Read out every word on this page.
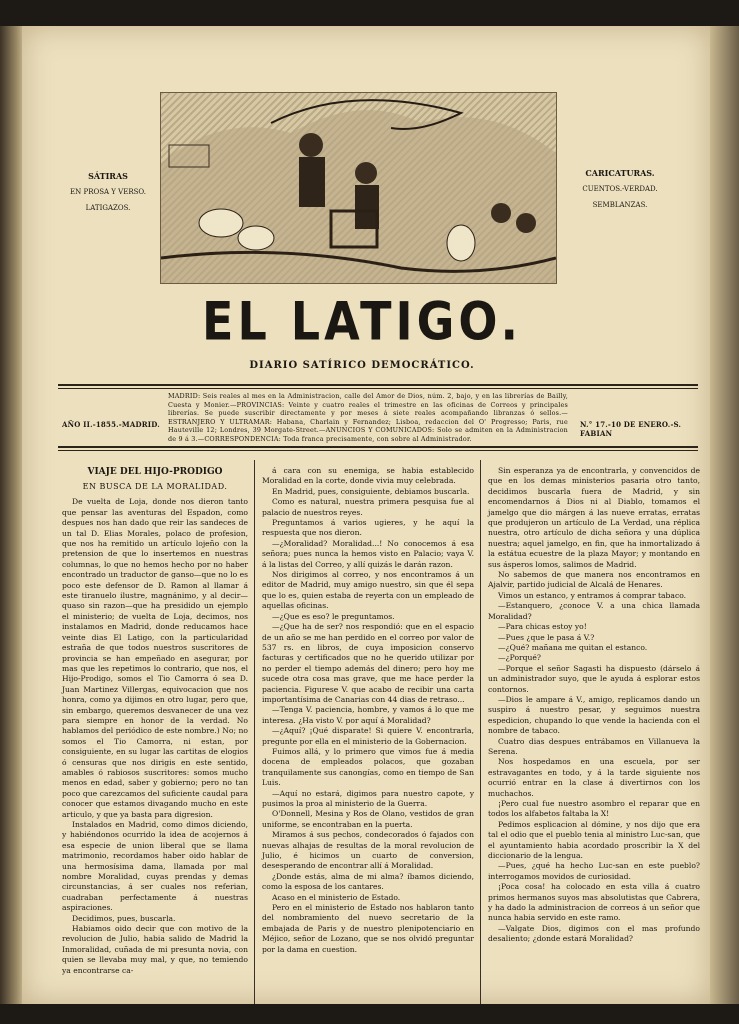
SÁTIRAS
EN PROSA Y VERSO.
LATIGAZOS.
CARICATURAS.
CUENTOS.-VERDAD.
SEMBLANZAS.
EL LATIGO.
DIARIO SATÍRICO DEMOCRÁTICO.
AÑO II.-1855.-MADRID.
MADRID: Seis reales al mes en la Administracion, calle del Amor de Dios, núm. 2, bajo, y en las librerías de Bailly, Cuesta y Monier.—PROVINCIAS: Veinte y cuatro reales el trimestre en las oficinas de Correos y principales librerías. Se puede suscribir directamente y por meses á siete reales acompañando libranzas ó sellos.—ESTRANJERO Y ULTRAMAR: Habana, Charlain y Fernandez; Lisboa, redaccion del O' Progresso; Paris, rue Hauteville 12; Londres, 39 Morgate-Street.—ANUNCIOS Y COMUNICADOS: Solo se admiten en la Administracion de 9 á 3.—CORRESPONDENCIA: Toda franca precisamente, con sobre al Administrador.
N.° 17.-10 DE ENERO.-S. FABIAN
VIAJE DEL HIJO-PRODIGO
EN BUSCA DE LA MORALIDAD.

De vuelta de Loja, donde nos dieron tanto que pensar las aventuras del Espadon, como despues nos han dado que reir las sandeces de un tal D. Elias Morales, polaco de profesion, que nos ha remitido un artículo lojeño con la pretension de que lo insertemos en nuestras columnas, lo que no hemos hecho por no haber encontrado un traductor de ganso—que no lo es poco este defensor de D. Ramon al llamar á este tiranuelo ilustre, magnánimo, y al decir—quaso sin razon—que ha presidido un ejemplo el ministerio; de vuelta de Loja, decimos, nos instalamos en Madrid, donde reducamos hace veinte dias El Latigo, con la particularidad estraña de que todos nuestros suscritores de provincia se han empeñado en asegurar, por mas que les repetimos lo contrario, que nos, el Hijo-Prodigo, somos el Tio Camorra ó sea D. Juan Martinez Villergas, equivocacion que nos honra, como ya dijimos en otro lugar, pero que, sin embargo, queremos desvanecer de una vez para siempre en honor de la verdad. No hablamos del periódico de este nombre.) No; no somos el Tio Camorra, ni estan, por consiguiente, en su lugar las cartitas de elogios ó censuras que nos dirigis en este sentido, amables ó rabiosos suscritores: somos mucho menos en edad, saber y gobierno; pero no tan poco que carezcamos del suficiente caudal para conocer que estamos divagando mucho en este articulo, y que ya basta para digresion.

Instalados en Madrid, como dimos diciendo, y habiéndonos ocurrido la idea de acojernos á esa especie de union liberal que se llama matrimonio, recordamos haber oido hablar de una hermosísima dama, llamada por mal nombre Moralidad, cuyas prendas y demas circunstancias, á ser cuales nos referian, cuadraban perfectamente á nuestras aspiraciones.

Decidimos, pues, buscarla.

Habiamos oido decir que con motivo de la revolucion de Julio, habia salido de Madrid la Inmoralidad, cuñada de mi presunta novia, con quien se llevaba muy mal, y que, no temiendo ya encontrarse ca-

á cara con su enemiga, se habia establecido Moralidad en la corte, donde vivia muy celebrada.

En Madrid, pues, consiguiente, debiamos buscarla.

Como es natural, nuestra primera pesquisa fue al palacio de nuestros reyes.

Preguntamos á varios ugieres, y he aquí la respuesta que nos dieron.

—¿Moralidad? Moralidad...! No conocemos á esa señora; pues nunca la hemos visto en Palacio; vaya V. á la listas del Correo, y allí quizás le darán razon.

Nos dirigimos al correo, y nos encontramos á un editor de Madrid, muy amigo nuestro, sin que él sepa que lo es, quien estaba de reyerta con un empleado de aquellas oficinas.

—¿Que es eso? le preguntamos.

—¿Que ha de ser? nos respondió: que en el espacio de un año se me han perdido en el correo por valor de 537 rs. en libros, de cuya imposicion conservo facturas y certificados que no he querido utilizar por no perder el tiempo además del dinero; pero hoy me sucede otra cosa mas grave, que me hace perder la paciencia. Figurese V. que acabo de recibir una carta importantísima de Canarias con 44 dias de retraso...

—Tenga V. paciencia, hombre, y vamos á lo que me interesa. ¿Ha visto V. por aquí á Moralidad?

—¿Aquí? ¡Qué disparate! Si quiere V. encontrarla, pregunte por ella en el ministerio de la Gobernacion.

Fuimos allá, y lo primero que vimos fue á media docena de empleados polacos, que gozaban tranquilamente sus canongías, como en tiempo de San Luis.

—Aquí no estará, digimos para nuestro capote, y pusimos la proa al ministerio de la Guerra.

O'Donnell, Mesina y Ros de Olano, vestidos de gran uniforme, se encontraban en la puerta.

Miramos á sus pechos, condecorados ó fajados con nuevas alhajas de resultas de la moral revolucion de Julio, é hicimos un cuarto de conversion, desesperando de encontrar allí á Moralidad.

¿Donde estás, alma de mi alma? íbamos diciendo, como la esposa de los cantares.

Acaso en el ministerio de Estado.

Pero en el ministerio de Estado nos hablaron tanto del nombramiento del nuevo secretario de la embajada de Paris y de nuestro plenipotenciario en Méjico, señor de Lozano, que se nos olvidó preguntar por la dama en cuestion.

Sin esperanza ya de encontrarla, y convencidos de que en los demas ministerios pasaria otro tanto, decidimos buscarla fuera de Madrid, y sin encomendarnos á Dios ni al Diablo, tomamos el jamelgo que dio márgen á las nueve erratas, erratas que produjeron un artículo de La Verdad, una réplica nuestra, otro artículo de dicha señora y una dúplica nuestra; aquel jamelgo, en fin, que ha inmortalizado á la estátua ecuestre de la plaza Mayor; y montando en sus ásperos lomos, salimos de Madrid.

No sabemos de que manera nos encontramos en Ajalvir, partido judicial de Alcalá de Henares.

Vimos un estanco, y entramos á comprar tabaco.

—Estanquero, ¿conoce V. a una chica llamada Moralidad?

—Para chicas estoy yo!

—Pues ¿que le pasa á V.?

—¿Qué? mañana me quitan el estanco.

—¿Porqué?

—Porque el señor Sagasti ha dispuesto (dárselo á un administrador suyo, que le ayuda á esplorar estos contornos.

—Dios le ampare á V., amigo, replicamos dando un suspiro á nuestro pesar, y seguimos nuestra espedicion, chupando lo que vende la hacienda con el nombre de tabaco.

Cuatro dias despues entrábamos en Villanueva la Serena.

Nos hospedamos en una escuela, por ser estravagantes en todo, y á la tarde siguiente nos ocurrió entrar en la clase á divertirnos con los muchachos.

¡Pero cual fue nuestro asombro el reparar que en todos los alfabetos faltaba la X!

Pedimos esplicacion al dómine, y nos dijo que era tal el odio que el pueblo tenia al ministro Luc-san, que el ayuntamiento habia acordado proscribir la X del diccionario de la lengua.

—Pues, ¿qué ha hecho Luc-san en este pueblo? interrogamos movidos de curiosidad.

¡Poca cosa! ha colocado en esta villa á cuatro primos hermanos suyos mas absolutistas que Cabrera, y ha dado la administracion de correos á un señor que nunca habia servido en este ramo.

—Valgate Dios, digimos con el mas profundo desaliento; ¿donde estará Moralidad?
